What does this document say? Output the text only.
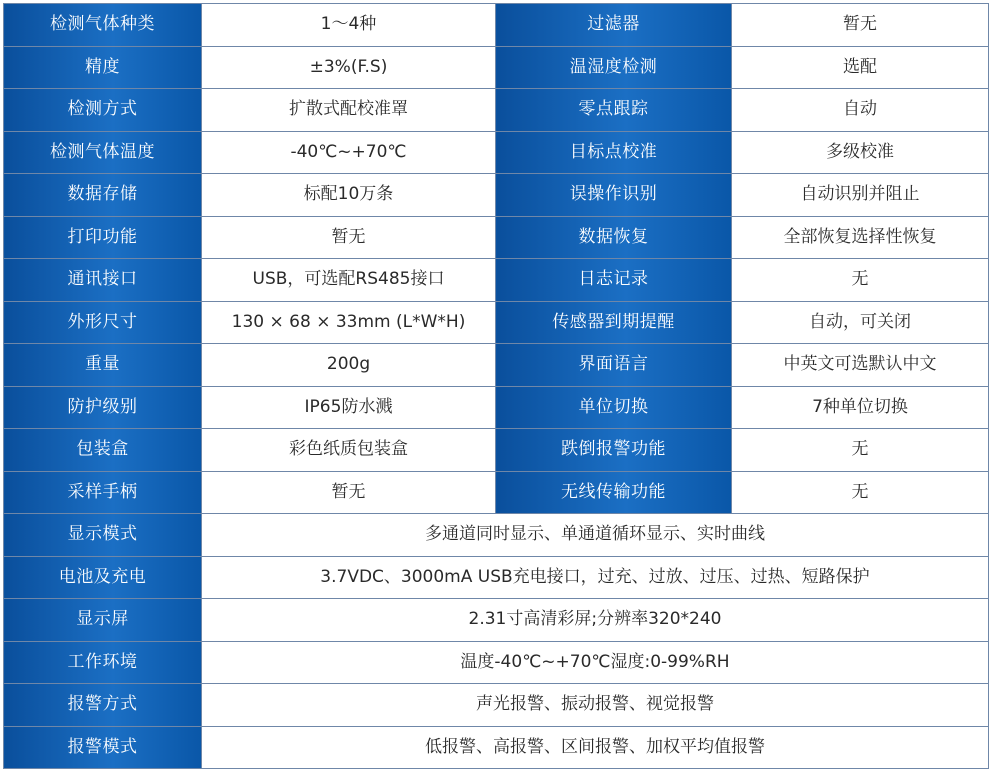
检测气体种类	1～4种	过滤器	暂无
精度	±3%(F.S)	温湿度检测	选配
检测方式	扩散式配校准罩	零点跟踪	自动
检测气体温度	-40℃~+70℃	目标点校准	多级校准
数据存储	标配10万条	误操作识别	自动识别并阻止
打印功能	暂无	数据恢复	全部恢复选择性恢复
通讯接口	USB，可选配RS485接口	日志记录	无
外形尺寸	130 × 68 × 33mm (L*W*H)	传感器到期提醒	自动，可关闭
重量	200g	界面语言	中英文可选默认中文
防护级别	IP65防水溅	单位切换	7种单位切换
包装盒	彩色纸质包装盒	跌倒报警功能	无
采样手柄	暂无	无线传输功能	无
显示模式	多通道同时显示、单通道循环显示、实时曲线		
电池及充电	3.7VDC、3000mA USB充电接口，过充、过放、过压、过热、短路保护		
显示屏	2.31寸高清彩屏;分辨率320*240		
工作环境	温度-40℃~+70℃湿度:0-99%RH		
报警方式	声光报警、振动报警、视觉报警		
报警模式	低报警、高报警、区间报警、加权平均值报警		
